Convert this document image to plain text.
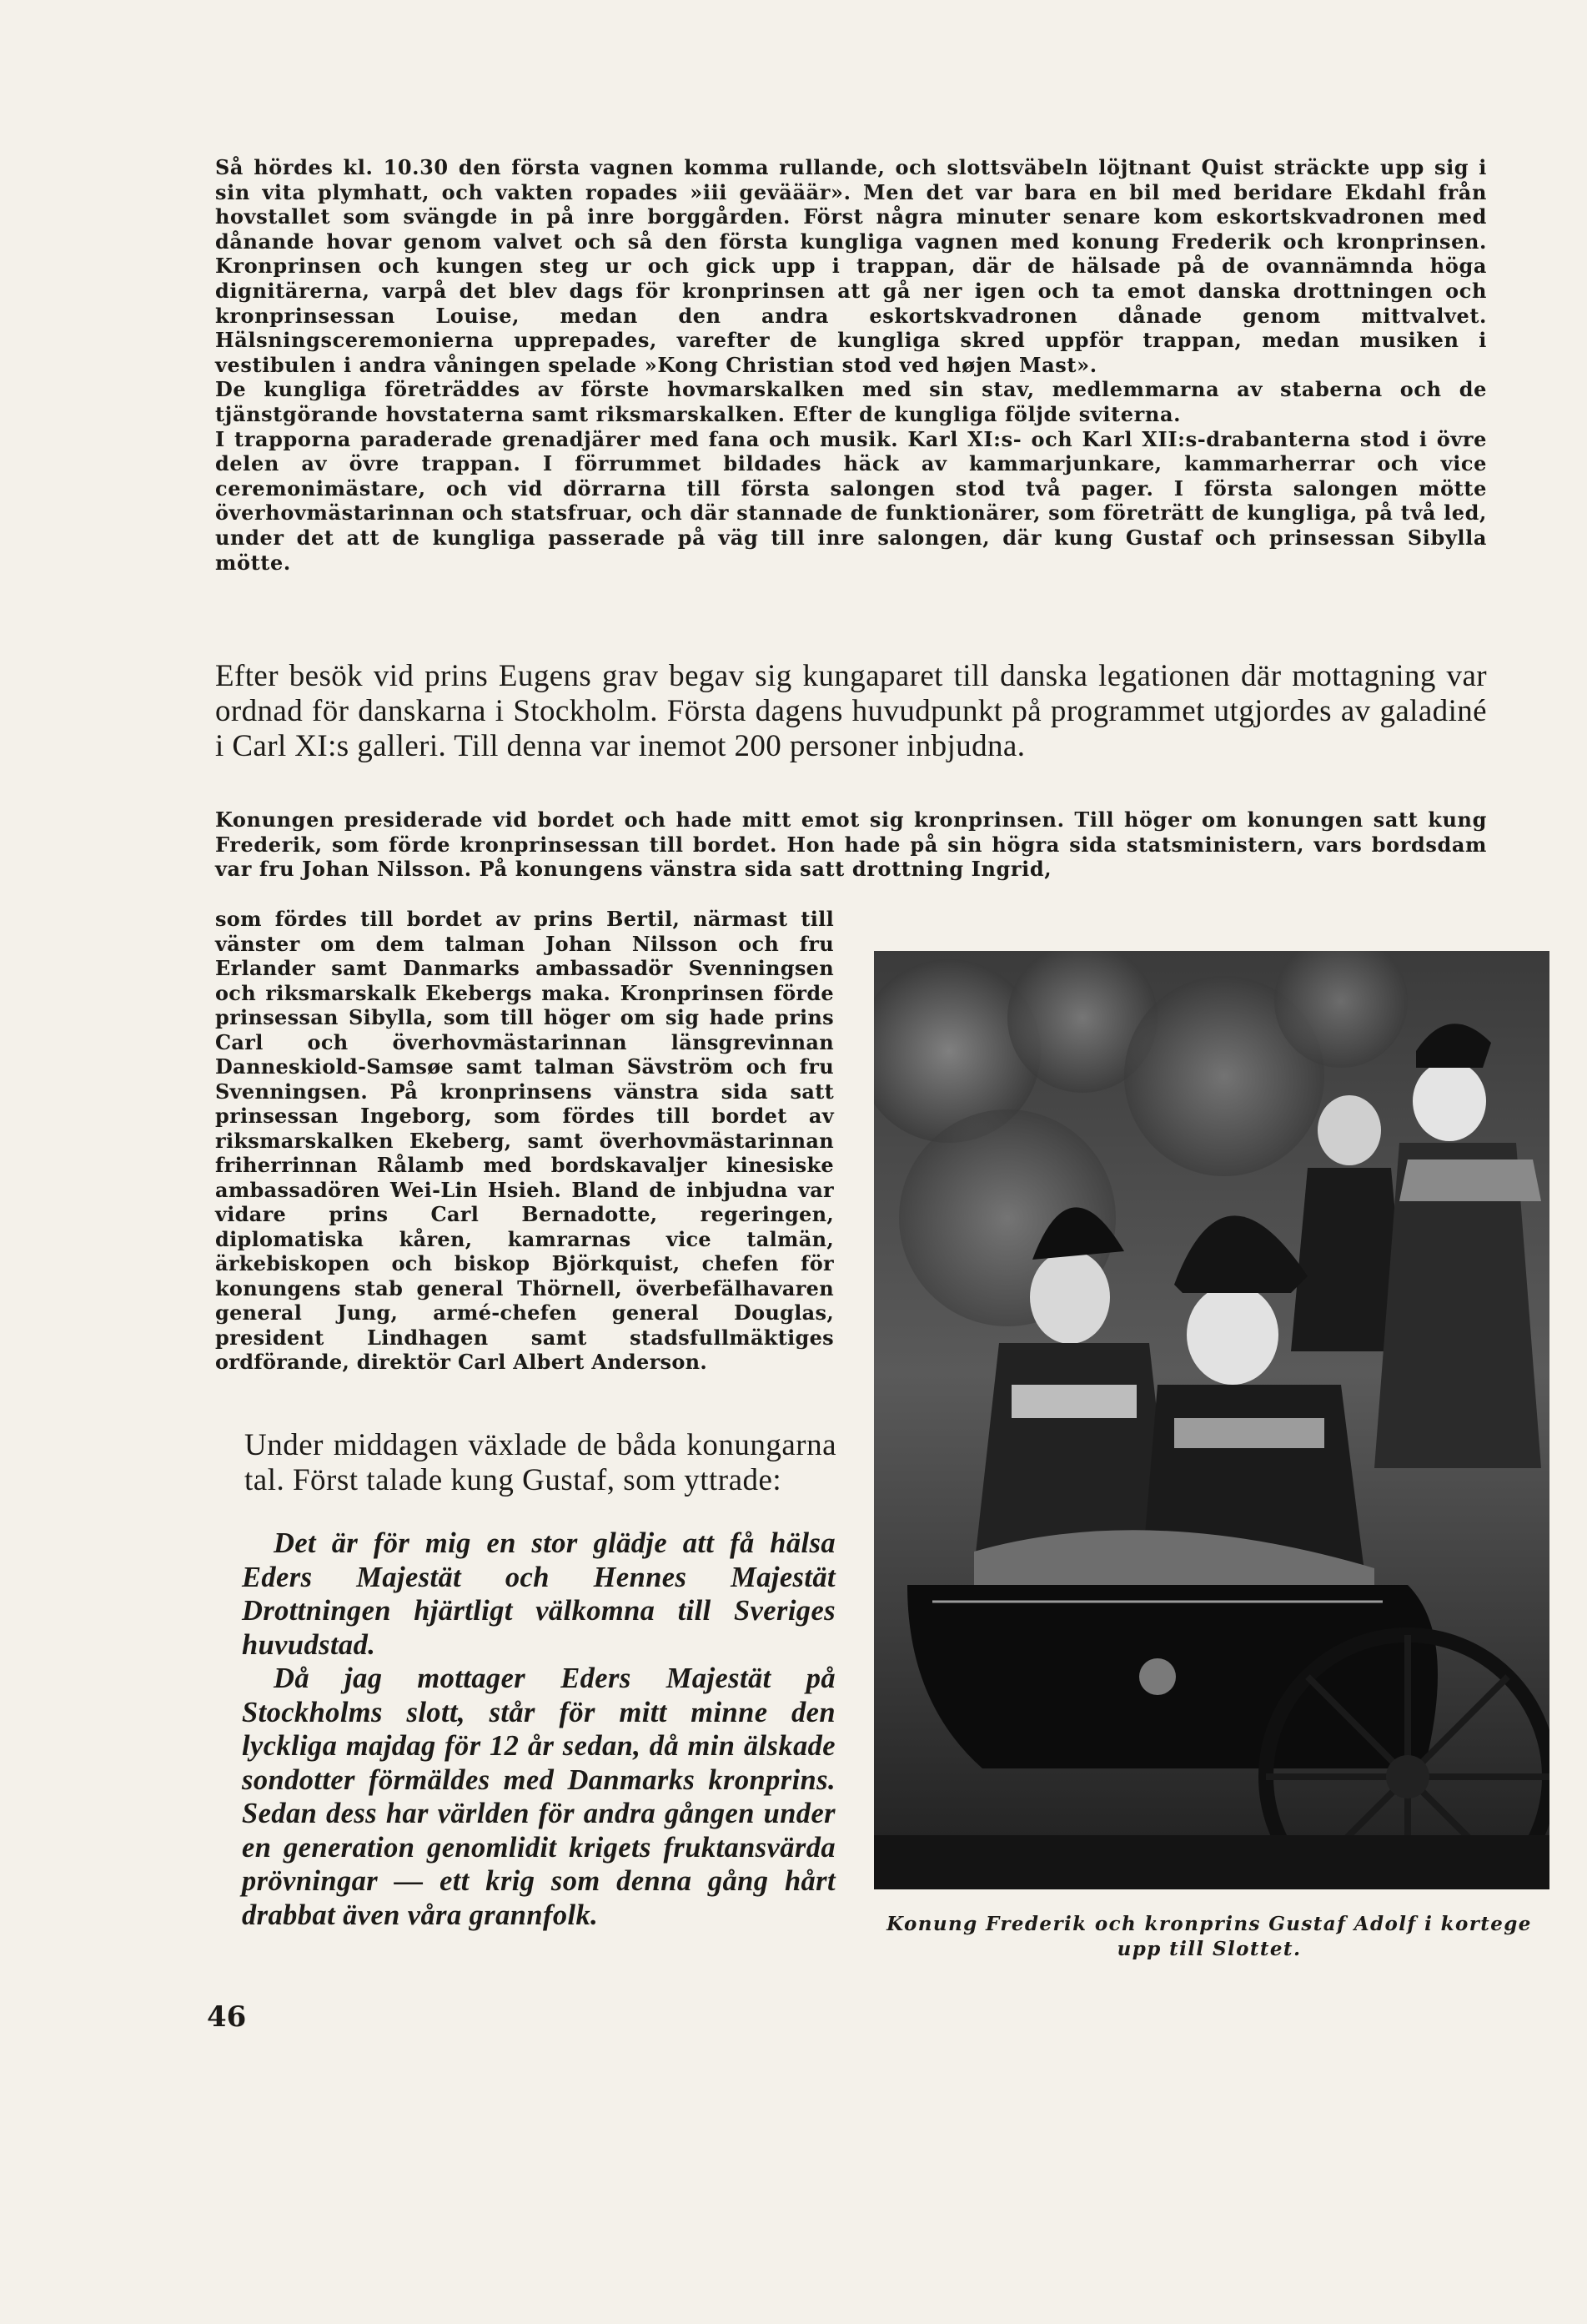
Så hördes kl. 10.30 den första vagnen komma rullande, och slottsväbeln löjtnant Quist sträckte upp sig i sin vita plymhatt, och vakten ropades »iii gevääär». Men det var bara en bil med beridare Ekdahl från hovstallet som svängde in på inre borggården. Först några minuter senare kom eskortskvadronen med dånande hovar genom valvet och så den första kungliga vagnen med konung Frederik och kronprinsen. Kronprinsen och kungen steg ur och gick upp i trappan, där de hälsade på de ovannämnda höga dignitärerna, varpå det blev dags för kronprinsen att gå ner igen och ta emot danska drottningen och kronprinsessan Louise, medan den andra eskortskvadronen dånade genom mittvalvet. Hälsningsceremonierna upprepades, varefter de kungliga skred uppför trappan, medan musiken i vestibulen i andra våningen spelade »Kong Christian stod ved højen Mast».

De kungliga företräddes av förste hovmarskalken med sin stav, medlemmarna av staberna och de tjänstgörande hovstaterna samt riksmarskalken. Efter de kungliga följde sviterna.

I trapporna paraderade grenadjärer med fana och musik. Karl XI:s- och Karl XII:s-drabanterna stod i övre delen av övre trappan. I förrummet bildades häck av kammarjunkare, kammarherrar och vice ceremonimästare, och vid dörrarna till första salongen stod två pager. I första salongen mötte överhovmästarinnan och statsfruar, och där stannade de funktionärer, som företrätt de kungliga, på två led, under det att de kungliga passerade på väg till inre salongen, där kung Gustaf och prinsessan Sibylla mötte.

Efter besök vid prins Eugens grav begav sig kungaparet till danska legationen där mottagning var ordnad för danskarna i Stockholm. Första dagens huvudpunkt på programmet utgjordes av galadiné i Carl XI:s galleri. Till denna var inemot 200 personer inbjudna.
Konungen presiderade vid bordet och hade mitt emot sig kronprinsen. Till höger om konungen satt kung Frederik, som förde kronprinsessan till bordet. Hon hade på sin högra sida statsministern, vars bordsdam var fru Johan Nilsson. På konungens vänstra sida satt drottning Ingrid,
som fördes till bordet av prins Bertil, närmast till vänster om dem talman Johan Nilsson och fru Erlander samt Danmarks ambassadör Svenningsen och riksmarskalk Ekebergs maka. Kronprinsen förde prinsessan Sibylla, som till höger om sig hade prins Carl och överhovmästarinnan länsgrevinnan Danneskiold-Samsøe samt talman Sävström och fru Svenningsen. På kronprinsens vänstra sida satt prinsessan Ingeborg, som fördes till bordet av riksmarskalken Ekeberg, samt överhovmästarinnan friherrinnan Rålamb med bordskavaljer kinesiske ambassadören Wei-Lin Hsieh. Bland de inbjudna var vidare prins Carl Bernadotte, regeringen, diplomatiska kåren, kamrarnas vice talmän, ärkebiskopen och biskop Björkquist, chefen för konungens stab general Thörnell, överbefälhavaren general Jung, armé-chefen general Douglas, president Lindhagen samt stadsfullmäktiges ordförande, direktör Carl Albert Anderson.
Under middagen växlade de båda konungarna tal. Först talade kung Gustaf, som yttrade:

Det är för mig en stor glädje att få hälsa Eders Majestät och Hennes Majestät Drottningen hjärtligt välkomna till Sveriges huvudstad.

Då jag mottager Eders Majestät på Stockholms slott, står för mitt minne den lyckliga majdag för 12 år sedan, då min älskade sondotter förmäldes med Danmarks kronprins. Sedan dess har världen för andra gången under en generation genomlidit krigets fruktansvärda prövningar — ett krig som denna gång hårt drabbat även våra grannfolk.	Konung Frederik och kronprins Gustaf Adolf i kortege upp till Slottet.
46
